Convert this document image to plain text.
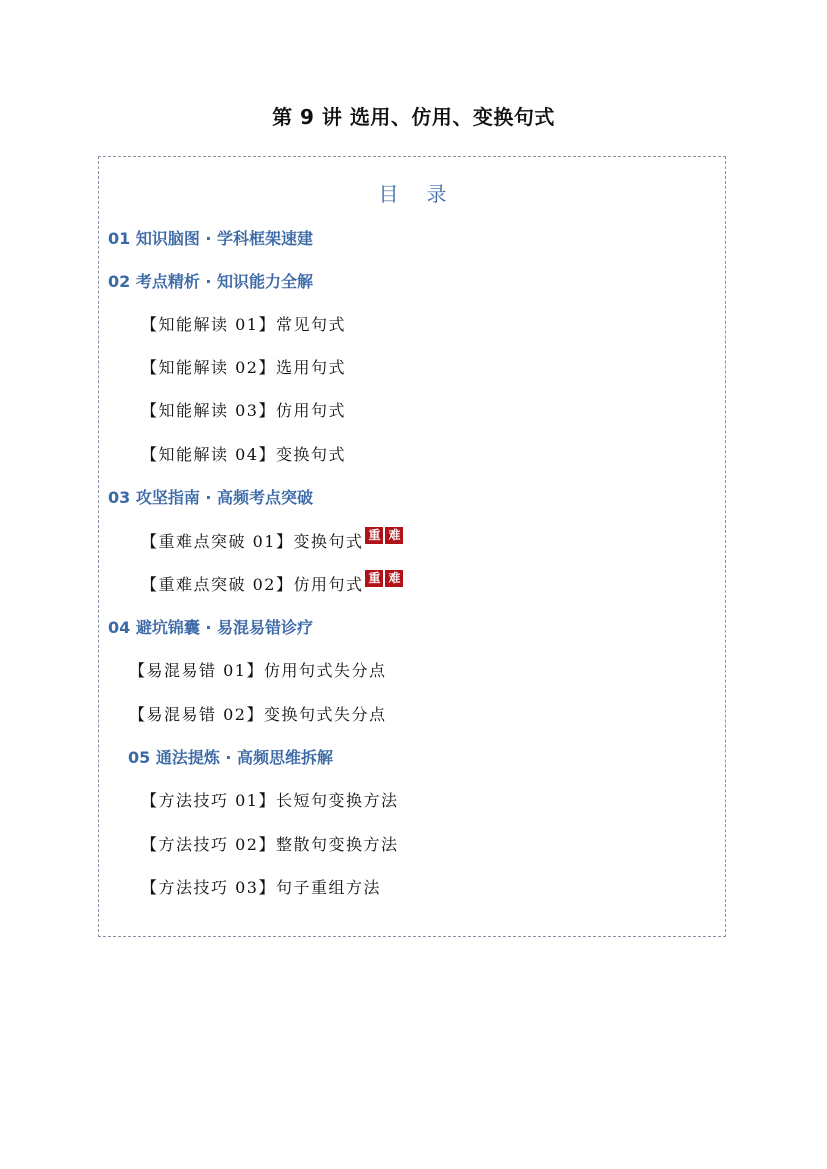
第 9 讲 选用、仿用、变换句式
目 录
01 知识脑图 · 学科框架速建
02 考点精析 · 知识能力全解
【知能解读 01】常见句式
【知能解读 02】选用句式
【知能解读 03】仿用句式
【知能解读 04】变换句式
03 攻坚指南 · 高频考点突破
【重难点突破 01】变换句式 重 难
【重难点突破 02】仿用句式 重 难
04 避坑锦囊 · 易混易错诊疗
【易混易错 01】仿用句式失分点
【易混易错 02】变换句式失分点
05 通法提炼 · 高频思维拆解
【方法技巧 01】长短句变换方法
【方法技巧 02】整散句变换方法
【方法技巧 03】句子重组方法
